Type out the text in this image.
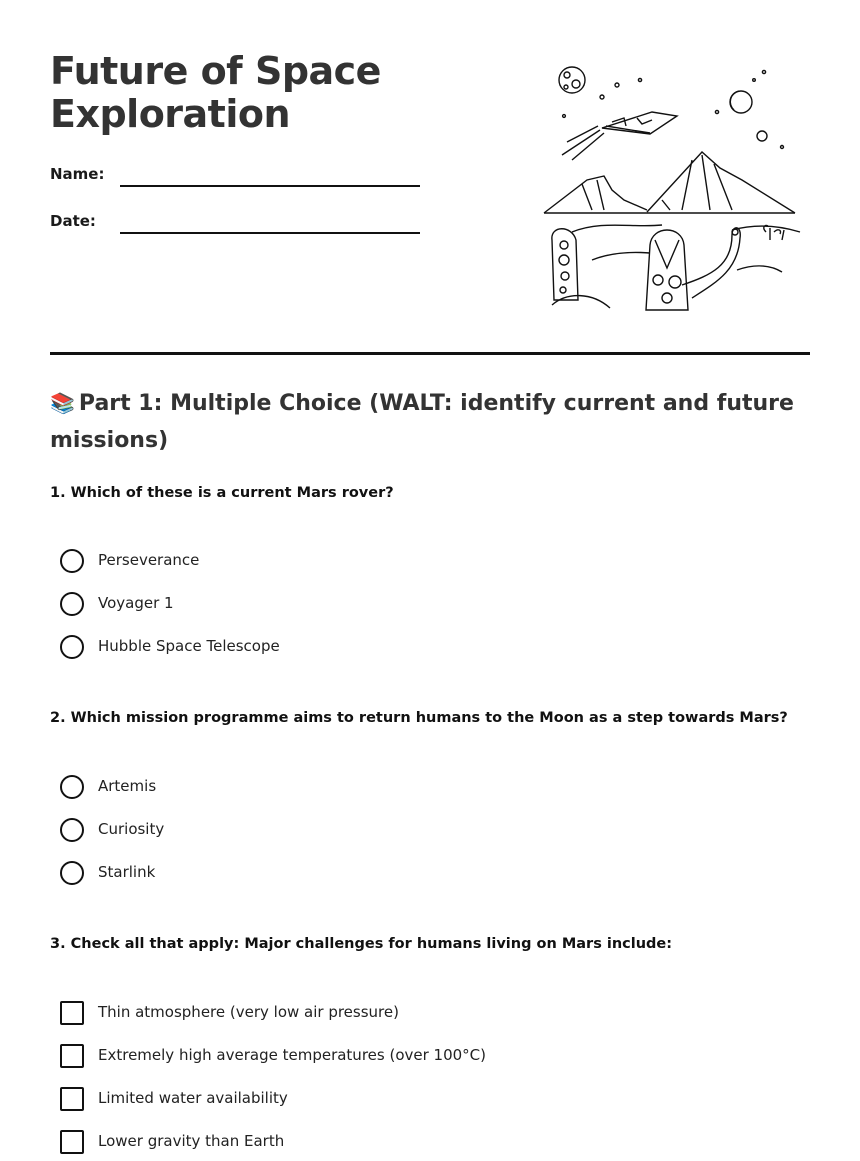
Future of Space
Exploration
Name:
Date:
📚 Part 1: Multiple Choice (WALT: identify current and future missions)
1. Which of these is a current Mars rover?
Perseverance
Voyager 1
Hubble Space Telescope
2. Which mission programme aims to return humans to the Moon as a step towards Mars?
Artemis
Curiosity
Starlink
3. Check all that apply: Major challenges for humans living on Mars include:
Thin atmosphere (very low air pressure)
Extremely high average temperatures (over 100°C)
Limited water availability
Lower gravity than Earth
